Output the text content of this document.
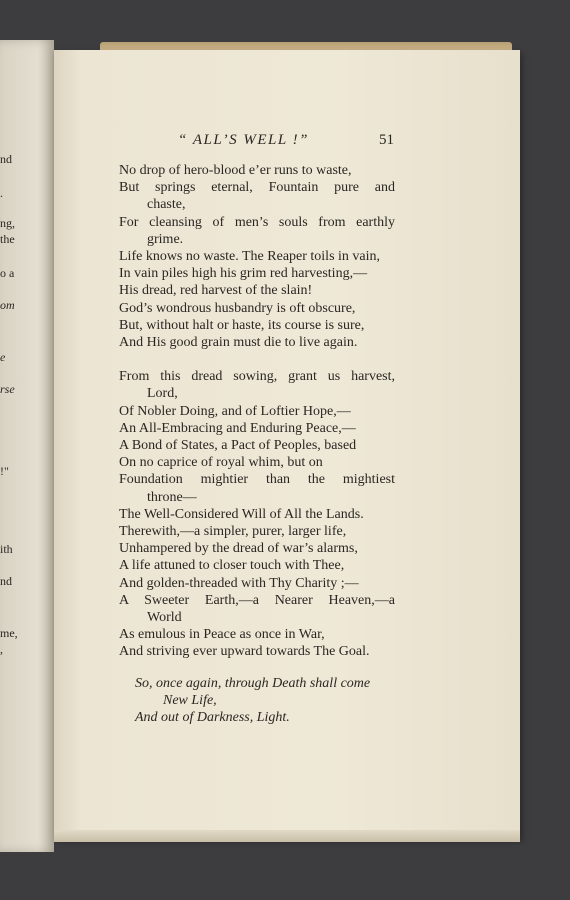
nd
.
ng,
the
o a
om
e
rse
!"
ith
nd
me,
,
“ ALL’S WELL !”	51
No drop of hero-blood e’er runs to waste,
But springs eternal, Fountain pure and
chaste,
For cleansing of men’s souls from earthly
grime.
Life knows no waste. The Reaper toils in vain,
In vain piles high his grim red harvesting,—
His dread, red harvest of the slain!
God’s wondrous husbandry is oft obscure,
But, without halt or haste, its course is sure,
And His good grain must die to live again.
From this dread sowing, grant us harvest,
Lord,
Of Nobler Doing, and of Loftier Hope,—
An All-Embracing and Enduring Peace,—
A Bond of States, a Pact of Peoples, based
On no caprice of royal whim, but on
Foundation mightier than the mightiest
throne—
The Well-Considered Will of All the Lands.
Therewith,—a simpler, purer, larger life,
Unhampered by the dread of war’s alarms,
A life attuned to closer touch with Thee,
And golden-threaded with Thy Charity ;—
A Sweeter Earth,—a Nearer Heaven,—a
World
As emulous in Peace as once in War,
And striving ever upward towards The Goal.
So, once again, through Death shall come
New Life,
And out of Darkness, Light.
